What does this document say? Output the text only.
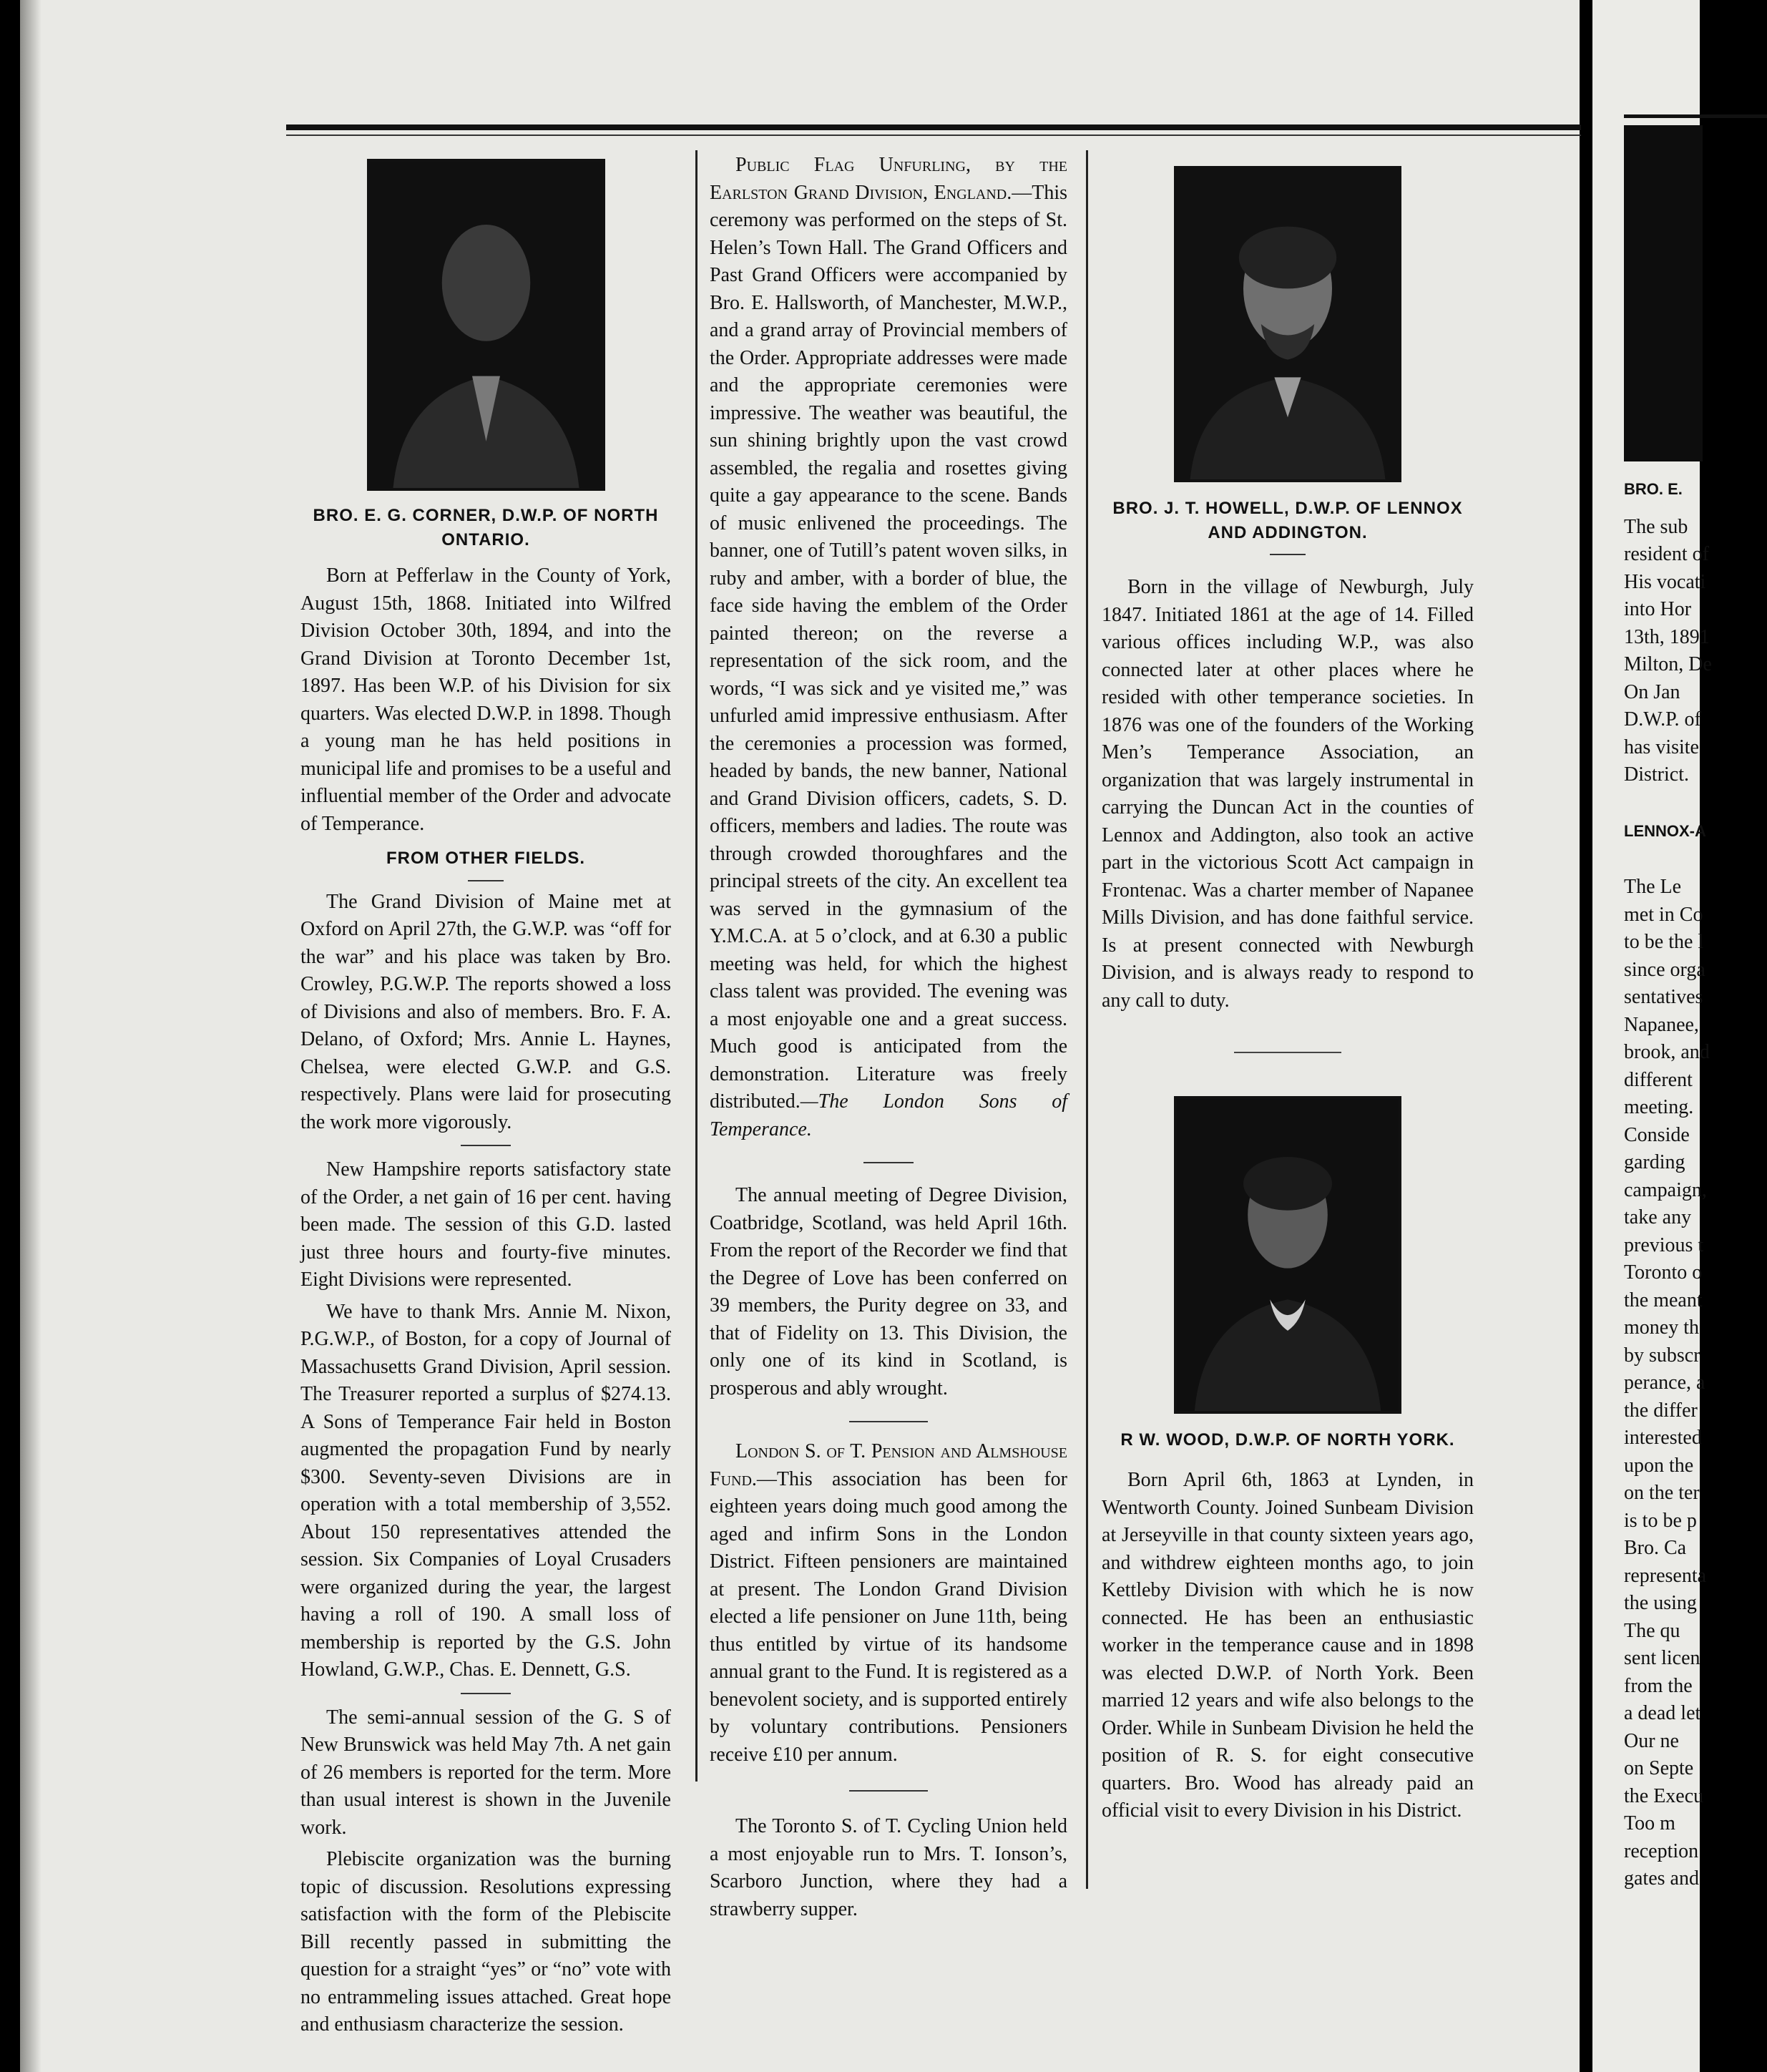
BRO. E. G. CORNER, D.W.P. OF NORTH ONTARIO.

Born at Pefferlaw in the County of York, August 15th, 1868. Initiated into Wilfred Division October 30th, 1894, and into the Grand Division at Toronto December 1st, 1897. Has been W.P. of his Division for six quarters. Was elected D.W.P. in 1898. Though a young man he has held positions in municipal life and promises to be a useful and influential member of the Order and advocate of Temperance.

FROM OTHER FIELDS.

The Grand Division of Maine met at Oxford on April 27th, the G.W.P. was “off for the war” and his place was taken by Bro. Crowley, P.G.W.P. The reports showed a loss of Divisions and also of members. Bro. F. A. Delano, of Oxford; Mrs. Annie L. Haynes, Chelsea, were elected G.W.P. and G.S. respectively. Plans were laid for prosecuting the work more vigorously.

New Hampshire reports satisfactory state of the Order, a net gain of 16 per cent. having been made. The session of this G.D. lasted just three hours and fourty-five minutes. Eight Divisions were represented.

We have to thank Mrs. Annie M. Nixon, P.G.W.P., of Boston, for a copy of Journal of Massachusetts Grand Division, April session. The Treasurer reported a surplus of $274.13. A Sons of Temperance Fair held in Boston augmented the propagation Fund by nearly $300. Seventy-seven Divisions are in operation with a total membership of 3,552. About 150 representatives attended the session. Six Companies of Loyal Crusaders were organized during the year, the largest having a roll of 190. A small loss of membership is reported by the G.S. John Howland, G.W.P., Chas. E. Dennett, G.S.

The semi-annual session of the G. S of New Brunswick was held May 7th. A net gain of 26 members is reported for the term. More than usual interest is shown in the Juvenile work.

Plebiscite organization was the burning topic of discussion. Resolutions expressing satisfaction with the form of the Plebiscite Bill recently passed in submitting the question for a straight “yes” or “no” vote with no entrammeling issues attached. Great hope and enthusiasm characterize the session.

Public Flag Unfurling, by the Earlston Grand Division, England.—This ceremony was performed on the steps of St. Helen’s Town Hall. The Grand Officers and Past Grand Officers were accompanied by Bro. E. Hallsworth, of Manchester, M.W.P., and a grand array of Provincial members of the Order. Appropriate addresses were made and the appropriate ceremonies were impressive. The weather was beautiful, the sun shining brightly upon the vast crowd assembled, the regalia and rosettes giving quite a gay appearance to the scene. Bands of music enlivened the proceedings. The banner, one of Tutill’s patent woven silks, in ruby and amber, with a border of blue, the face side having the emblem of the Order painted thereon; on the reverse a representation of the sick room, and the words, “I was sick and ye visited me,” was unfurled amid impressive enthusiasm. After the ceremonies a procession was formed, headed by bands, the new banner, National and Grand Division officers, cadets, S. D. officers, members and ladies. The route was through crowded thoroughfares and the principal streets of the city. An excellent tea was served in the gymnasium of the Y.M.C.A. at 5 o’clock, and at 6.30 a public meeting was held, for which the highest class talent was provided. The evening was a most enjoyable one and a great success. Much good is anticipated from the demonstration. Literature was freely distributed.—The London Sons of Temperance.

The annual meeting of Degree Division, Coatbridge, Scotland, was held April 16th. From the report of the Recorder we find that the Degree of Love has been conferred on 39 members, the Purity degree on 33, and that of Fidelity on 13. This Division, the only one of its kind in Scotland, is prosperous and ably wrought.

London S. of T. Pension and Almshouse Fund.—This association has been for eighteen years doing much good among the aged and infirm Sons in the London District. Fifteen pensioners are maintained at present. The London Grand Division elected a life pensioner on June 11th, being thus entitled by virtue of its handsome annual grant to the Fund. It is registered as a benevolent society, and is supported entirely by voluntary contributions. Pensioners receive £10 per annum.

The Toronto S. of T. Cycling Union held a most enjoyable run to Mrs. T. Ionson’s, Scarboro Junction, where they had a strawberry supper.

BRO. J. T. HOWELL, D.W.P. OF LENNOX AND ADDINGTON.

Born in the village of Newburgh, July 1847. Initiated 1861 at the age of 14. Filled various offices including W.P., was also connected later at other places where he resided with other temperance societies. In 1876 was one of the founders of the Working Men’s Temperance Association, an organization that was largely instrumental in carrying the Duncan Act in the counties of Lennox and Addington, also took an active part in the victorious Scott Act campaign in Frontenac. Was a charter member of Napanee Mills Division, and has done faithful service. Is at present connected with Newburgh Division, and is always ready to respond to any call to duty.

R W. WOOD, D.W.P. OF NORTH YORK.

Born April 6th, 1863 at Lynden, in Wentworth County. Joined Sunbeam Division at Jerseyville in that county sixteen years ago, and withdrew eighteen months ago, to join Kettleby Division with which he is now connected. He has been an enthusiastic worker in the temperance cause and in 1898 was elected D.W.P. of North York. Been married 12 years and wife also belongs to the Order. While in Sunbeam Division he held the position of R. S. for eight consecutive quarters. Bro. Wood has already paid an official visit to every Division in his District.

BRO. E.
The sub
resident of
His vocati
into Hor
13th, 1891
Milton, De
On Jan
D.W.P. of
has visite
District.
LENNOX-A
The Le
met in Co
to be the l
since orga
sentatives
Napanee,
brook, and
different
meeting.
Conside
garding
campaign,
take any
previous t
Toronto o
the meant
money th
by subscr
perance, a
the differ
interested
upon the
on the ter
is to be p
Bro. Ca
representa
the using
The qu
sent licen
from the
a dead let
Our ne
on Septe
the Execu
Too m
reception
gates and
